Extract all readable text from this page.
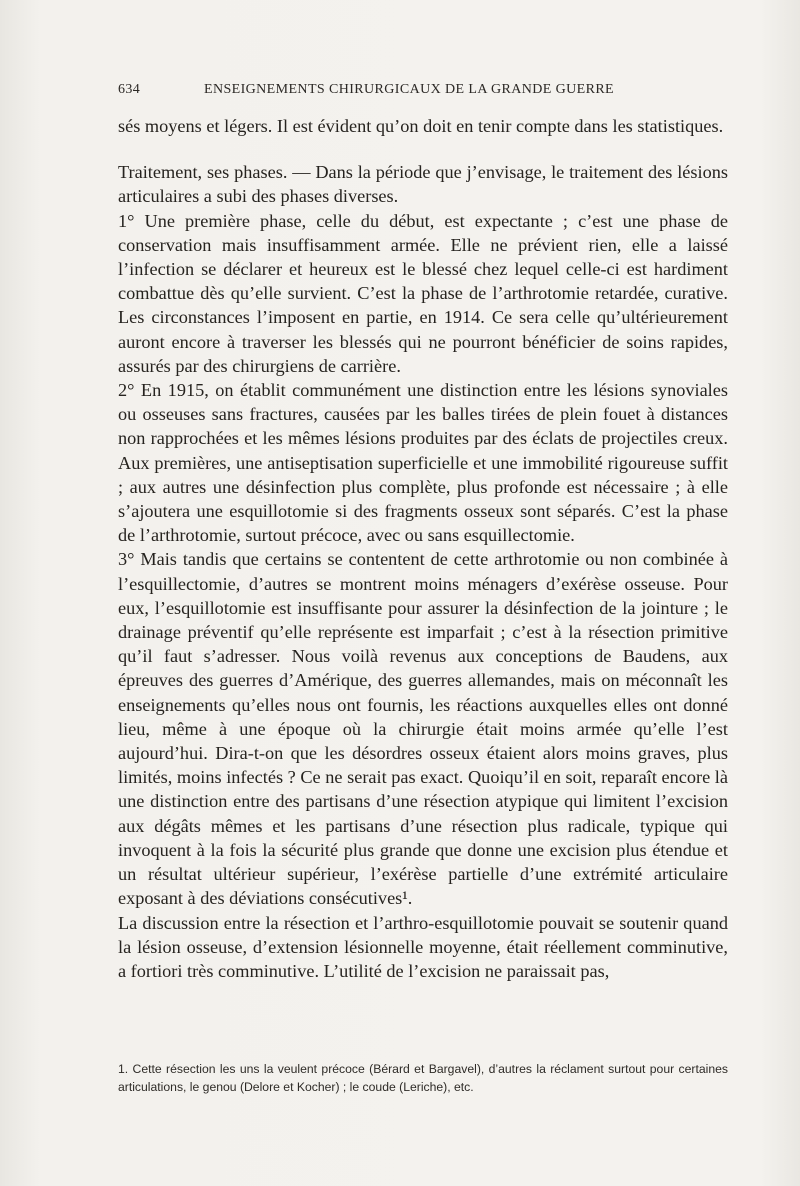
634	ENSEIGNEMENTS CHIRURGICAUX DE LA GRANDE GUERRE

sés moyens et légers. Il est évident qu’on doit en tenir compte dans les statistiques.

Traitement, ses phases. — Dans la période que j’envisage, le traitement des lésions articulaires a subi des phases diverses.

1° Une première phase, celle du début, est expectante ; c’est une phase de conservation mais insuffisamment armée. Elle ne prévient rien, elle a laissé l’infection se déclarer et heureux est le blessé chez lequel celle-ci est hardiment combattue dès qu’elle survient. C’est la phase de l’arthrotomie retardée, curative. Les circonstances l’imposent en partie, en 1914. Ce sera celle qu’ultérieurement auront encore à traverser les blessés qui ne pourront bénéficier de soins rapides, assurés par des chirurgiens de carrière.

2° En 1915, on établit communément une distinction entre les lésions synoviales ou osseuses sans fractures, causées par les balles tirées de plein fouet à distances non rapprochées et les mêmes lésions produites par des éclats de projectiles creux. Aux premières, une antiseptisation superficielle et une immobilité rigoureuse suffit ; aux autres une désinfection plus complète, plus profonde est nécessaire ; à elle s’ajoutera une esquillotomie si des fragments osseux sont séparés. C’est la phase de l’arthrotomie, surtout précoce, avec ou sans esquillectomie.

3° Mais tandis que certains se contentent de cette arthrotomie ou non combinée à l’esquillectomie, d’autres se montrent moins ménagers d’exérèse osseuse. Pour eux, l’esquillotomie est insuffisante pour assurer la désinfection de la jointure ; le drainage préventif qu’elle représente est imparfait ; c’est à la résection primitive qu’il faut s’adresser. Nous voilà revenus aux conceptions de Baudens, aux épreuves des guerres d’Amérique, des guerres allemandes, mais on méconnaît les enseignements qu’elles nous ont fournis, les réactions auxquelles elles ont donné lieu, même à une époque où la chirurgie était moins armée qu’elle l’est aujourd’hui. Dira-t-on que les désordres osseux étaient alors moins graves, plus limités, moins infectés ? Ce ne serait pas exact. Quoiqu’il en soit, reparaît encore là une distinction entre des partisans d’une résection atypique qui limitent l’excision aux dégâts mêmes et les partisans d’une résection plus radicale, typique qui invoquent à la fois la sécurité plus grande que donne une excision plus étendue et un résultat ultérieur supérieur, l’exérèse partielle d’une extrémité articulaire exposant à des déviations consécutives¹.

La discussion entre la résection et l’arthro-esquillotomie pouvait se soutenir quand la lésion osseuse, d’extension lésionnelle moyenne, était réellement comminutive, a fortiori très comminutive. L’utilité de l’excision ne paraissait pas,

1. Cette résection les uns la veulent précoce (Bérard et Bargavel), d’autres la réclament surtout pour certaines articulations, le genou (Delore et Kocher) ; le coude (Leriche), etc.
